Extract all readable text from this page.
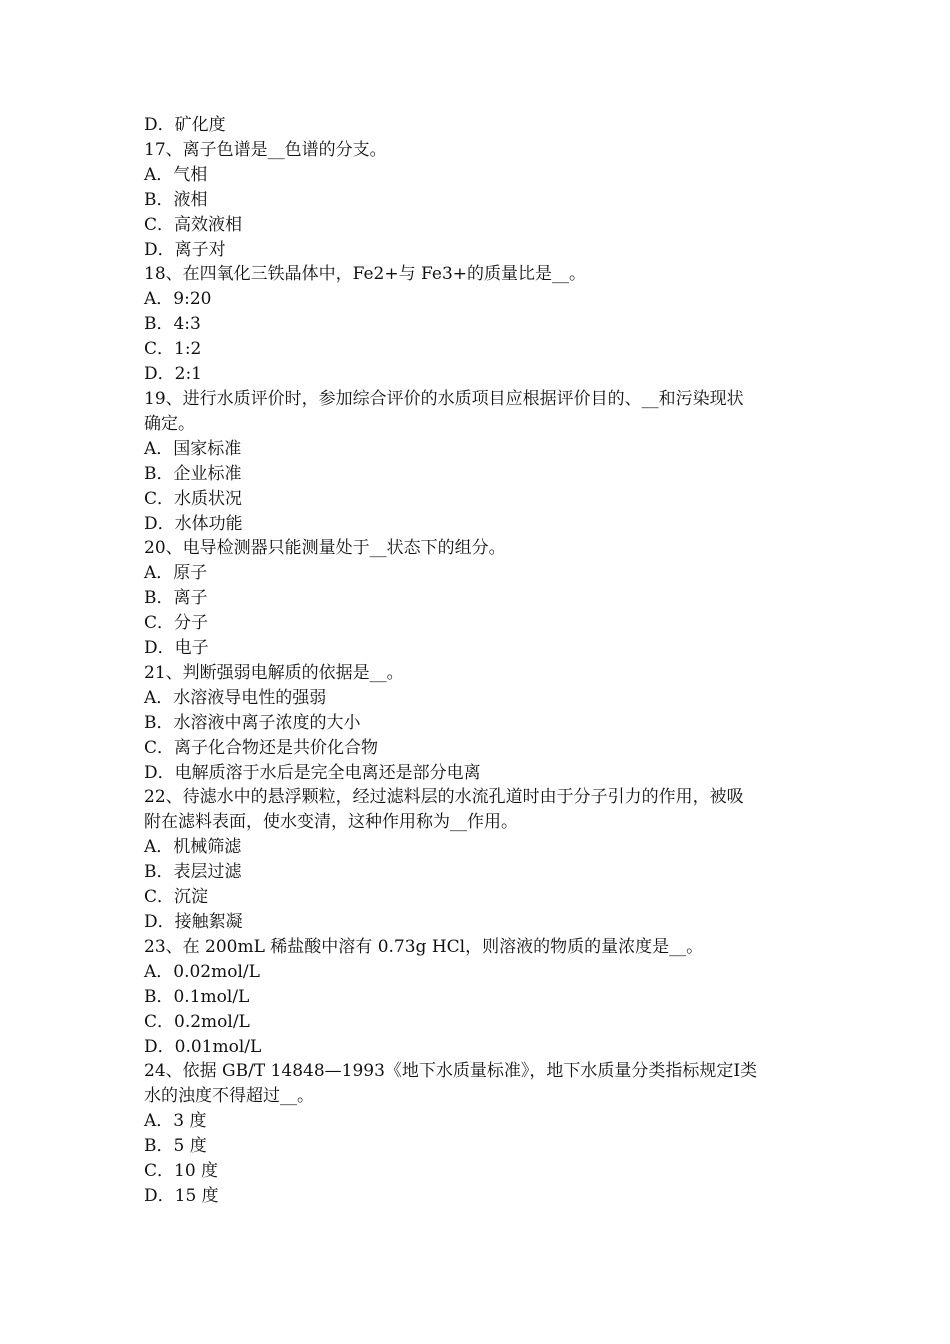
D．矿化度

17、离子色谱是__色谱的分支。

A．气相

B．液相

C．高效液相

D．离子对

18、在四氧化三铁晶体中，Fe2+与 Fe3+的质量比是__。

A．9:20

B．4:3

C．1:2

D．2:1

19、进行水质评价时，参加综合评价的水质项目应根据评价目的、__和污染现状

确定。

A．国家标准

B．企业标准

C．水质状况

D．水体功能

20、电导检测器只能测量处于__状态下的组分。

A．原子

B．离子

C．分子

D．电子

21、判断强弱电解质的依据是__。

A．水溶液导电性的强弱

B．水溶液中离子浓度的大小

C．离子化合物还是共价化合物

D．电解质溶于水后是完全电离还是部分电离

22、待滤水中的悬浮颗粒，经过滤料层的水流孔道时由于分子引力的作用，被吸

附在滤料表面，使水变清，这种作用称为__作用。

A．机械筛滤

B．表层过滤

C．沉淀

D．接触絮凝

23、在 200mL 稀盐酸中溶有 0.73g HCl，则溶液的物质的量浓度是__。

A．0.02mol/L

B．0.1mol/L

C．0.2mol/L

D．0.01mol/L

24、依据 GB/T 14848—1993《地下水质量标准》，地下水质量分类指标规定Ⅰ类

水的浊度不得超过__。

A．3 度

B．5 度

C．10 度

D．15 度
